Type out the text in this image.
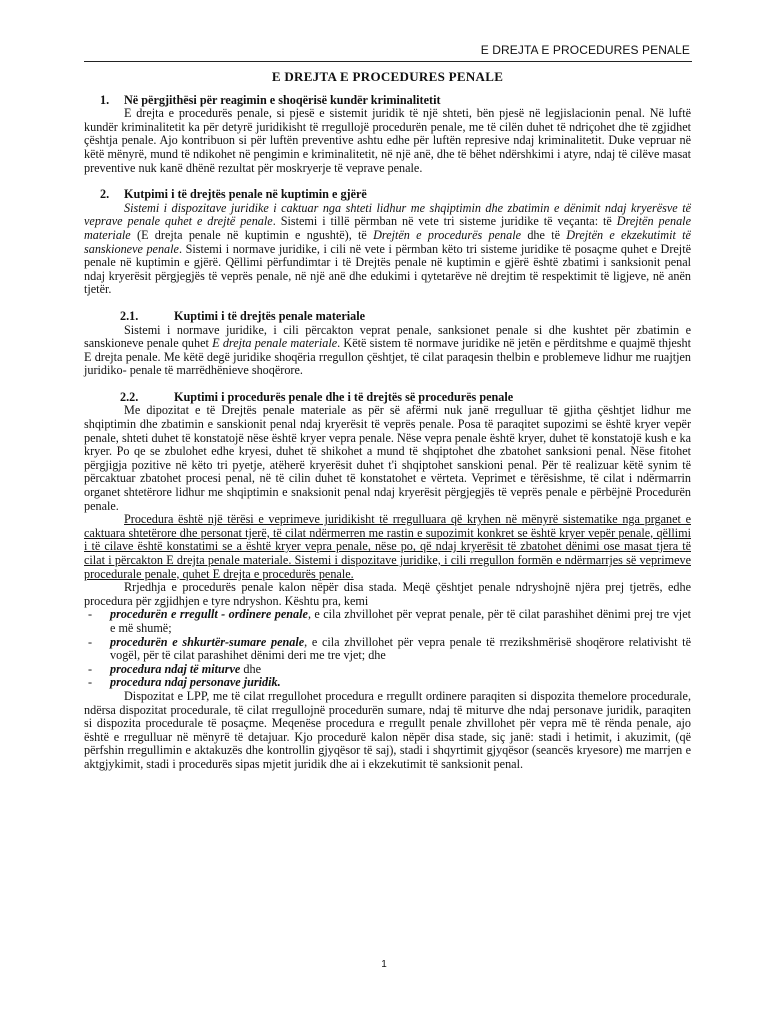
E DREJTA E PROCEDURES PENALE
E DREJTA E PROCEDURES PENALE
1. Në përgjithësi për reagimin e shoqërisë kundër kriminalitetit

E drejta e procedurës penale, si pjesë e sistemit juridik të një shteti, bën pjesë në legjislacionin penal. Në luftë kundër kriminalitetit ka për detyrë juridikisht të rregullojë procedurën penale, me të cilën duhet të ndriçohet dhe të zgjidhet çështja penale. Ajo kontribuon si për luftën preventive ashtu edhe për luftën represive ndaj kriminalitetit. Duke vepruar në këtë mënyrë, mund të ndikohet në pengimin e kriminalitetit, në një anë, dhe të bëhet ndërshkimi i atyre, ndaj të cilëve masat preventive nuk kanë dhënë rezultat për moskryerje të veprave penale.

2. Kutpimi i të drejtës penale në kuptimin e gjërë

Sistemi i dispozitave juridike i caktuar nga shteti lidhur me shqiptimin dhe zbatimin e dënimit ndaj kryerësve të veprave penale quhet e drejtë penale. Sistemi i tillë përmban në vete tri sisteme juridike të veçanta: të Drejtën penale materiale (E drejta penale në kuptimin e ngushtë), të Drejtën e procedurës penale dhe të Drejtën e ekzekutimit të sanskioneve penale. Sistemi i normave juridike, i cili në vete i përmban këto tri sisteme juridike të posaçme quhet e Drejtë penale në kuptimin e gjërë. Qëllimi përfundimtar i të Drejtës penale në kuptimin e gjërë është zbatimi i sanksionit penal ndaj kryerësit përgjegjës të veprës penale, në një anë dhe edukimi i qytetarëve në drejtim të respektimit të ligjeve, në anën tjetër.

2.1.	Kuptimi i të drejtës penale materiale

Sistemi i normave juridike, i cili përcakton veprat penale, sanksionet penale si dhe kushtet për zbatimin e sanskioneve penale quhet E drejta penale materiale. Këtë sistem të normave juridike në jetën e përditshme e quajmë thjesht E drejta penale. Me këtë degë juridike shoqëria rregullon çështjet, të cilat paraqesin thelbin e problemeve lidhur me ruajtjen juridiko- penale të marrëdhënieve shoqërore.

2.2.	Kuptimi i procedurës penale dhe i të drejtës së procedurës penale

Me dipozitat e të Drejtës penale materiale as për së afërmi nuk janë rregulluar të gjitha çështjet lidhur me shqiptimin dhe zbatimin e sanskionit penal ndaj kryerësit të veprës penale. Posa të paraqitet supozimi se është kryer vepër penale, shteti duhet të konstatojë nëse është kryer vepra penale. Nëse vepra penale është kryer, duhet të konstatojë kush e ka kryer. Po qe se zbulohet edhe kryesi, duhet të shikohet a mund të shqiptohet dhe zbatohet sanksioni penal. Nëse fitohet përgjigja pozitive në këto tri pyetje, atëherë kryerësit duhet t'i shqiptohet sanskioni penal. Për të realizuar këtë synim të përcaktuar zbatohet procesi penal, në të cilin duhet të konstatohet e vërteta. Veprimet e tërësishme, të cilat i ndërmarrin organet shtetërore lidhur me shqiptimin e snaksionit penal ndaj kryerësit përgjegjës të veprës penale e përbëjnë Procedurën penale.

Procedura është një tërësi e veprimeve juridikisht të rregulluara që kryhen në mënyrë sistematike nga prganet e caktuara shtetërore dhe personat tjerë, të cilat ndërmerren me rastin e supozimit konkret se është kryer vepër penale, qëllimi i të cilave është konstatimi se a është kryer vepra penale, nëse po, që ndaj kryerësit të zbatohet dënimi ose masat tjera të cilat i përcakton E drejta penale materiale. Sistemi i dispozitave juridike, i cili rregullon formën e ndërmarrjes së veprimeve procedurale penale, quhet E drejta e procedurës penale.

Rrjedhja e procedurës penale kalon nëpër disa stada. Meqë çështjet penale ndryshojnë njëra prej tjetrës, edhe procedura për zgjidhjen e tyre ndryshon. Kështu pra, kemi

- procedurën e rregullt - ordinere penale, e cila zhvillohet për veprat penale, për të cilat parashihet dënimi prej tre vjet e më shumë;
- procedurën e shkurtër-sumare penale, e cila zhvillohet për vepra penale të rrezikshmërisë shoqërore relativisht të vogël, për të cilat parashihet dënimi deri me tre vjet; dhe
- procedura ndaj të miturve dhe
- procedura ndaj personave juridik.

Dispozitat e LPP, me të cilat rregullohet procedura e rregullt ordinere paraqiten si dispozita themelore procedurale, ndërsa dispozitat procedurale, të cilat rregullojnë procedurën sumare, ndaj të miturve dhe ndaj personave juridik, paraqiten si dispozita procedurale të posaçme. Meqenëse procedura e rregullt penale zhvillohet për vepra më të rënda penale, ajo është e rregulluar në mënyrë të detajuar. Kjo procedurë kalon nëpër disa stade, siç janë: stadi i hetimit, i akuzimit, (që përfshin rregullimin e aktakuzës dhe kontrollin gjyqësor të saj), stadi i shqyrtimit gjyqësor (seancës kryesore) me marrjen e aktgjykimit, stadi i procedurës sipas mjetit juridik dhe ai i ekzekutimit të sanksionit penal.

1
